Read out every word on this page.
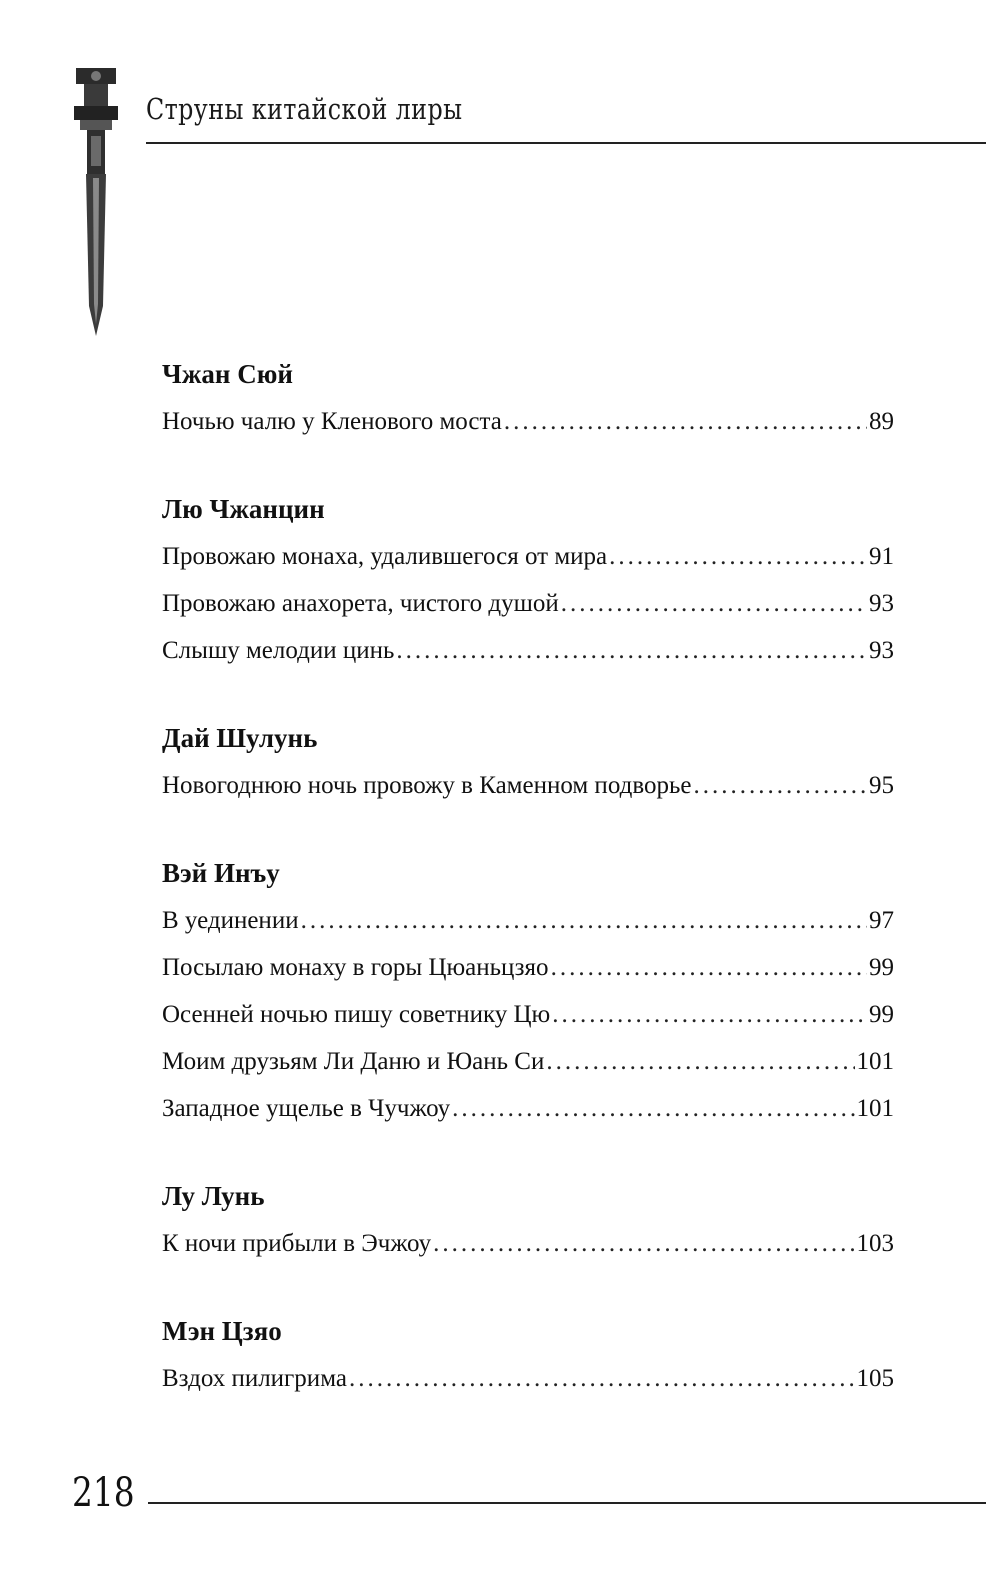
Струны китайской лиры
Чжан Сюй
Ночью чалю у Кленового моста .....	89
Лю Чжанцин
Провожаю монаха, удалившегося от мира .....	91
Провожаю анахорета, чистого душой .....	93
Слышу мелодии цинь .....	93
Дай Шулунь
Новогоднюю ночь провожу в Каменном подворье .....	95
Вэй Инъу
В уединении .....	97
Посылаю монаху в горы Цюаньцзяо .....	99
Осенней ночью пишу советнику Цю .....	99
Моим друзьям Ли Даню и Юань Си .....	101
Западное ущелье в Чучжоу .....	101
Лу Лунь
К ночи прибыли в Эчжоу .....	103
Мэн Цзяо
Вздох пилигрима .....	105
218
